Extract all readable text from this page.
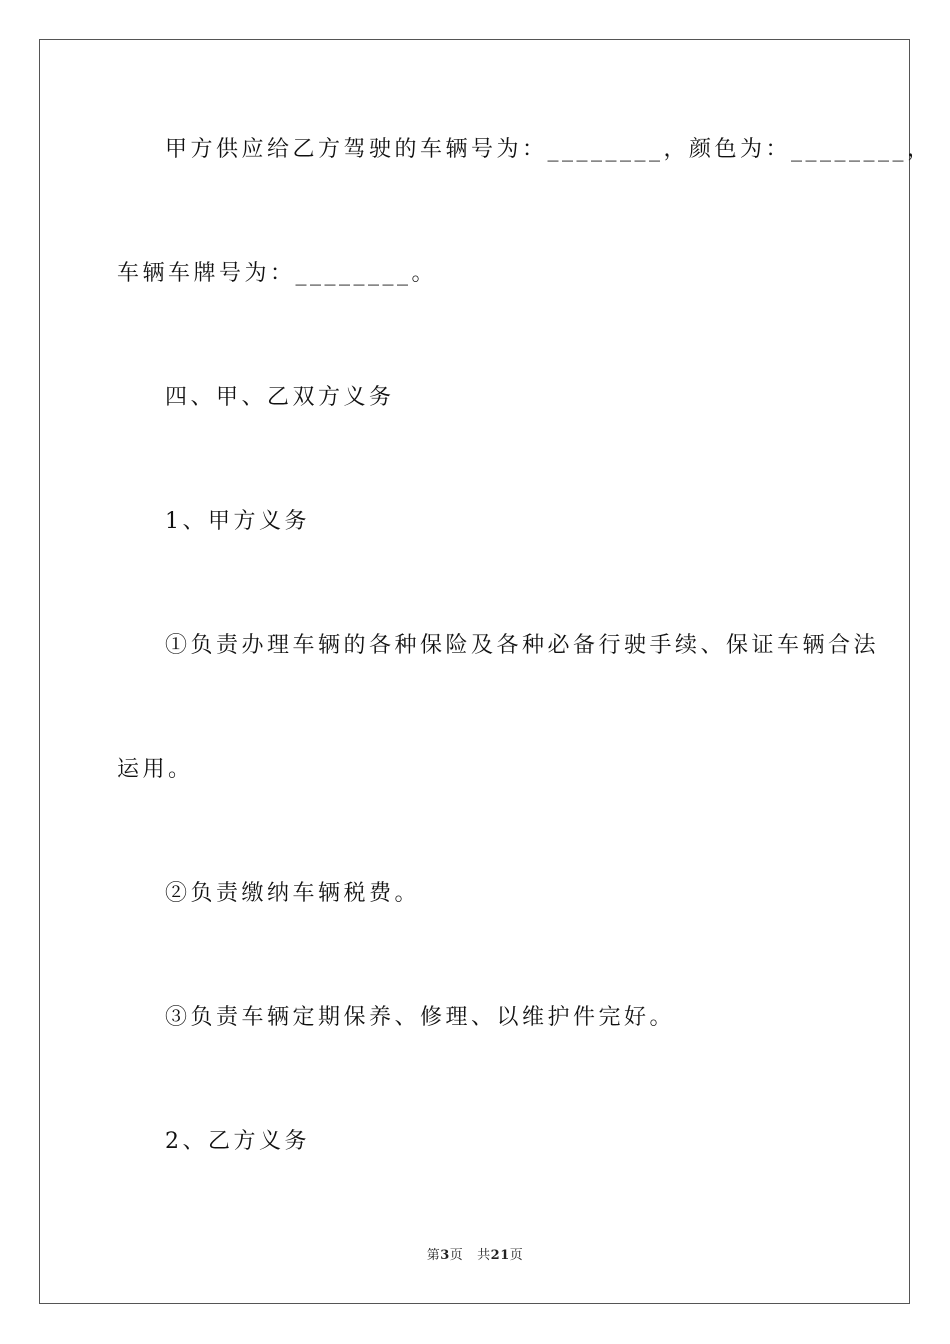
甲方供应给乙方驾驶的车辆号为：________，颜色为：________，
车辆车牌号为：________。
四、甲、乙双方义务
1、甲方义务
①负责办理车辆的各种保险及各种必备行驶手续、保证车辆合法
运用。
②负责缴纳车辆税费。
③负责车辆定期保养、修理、以维护件完好。
2、乙方义务
第3页   共21页
